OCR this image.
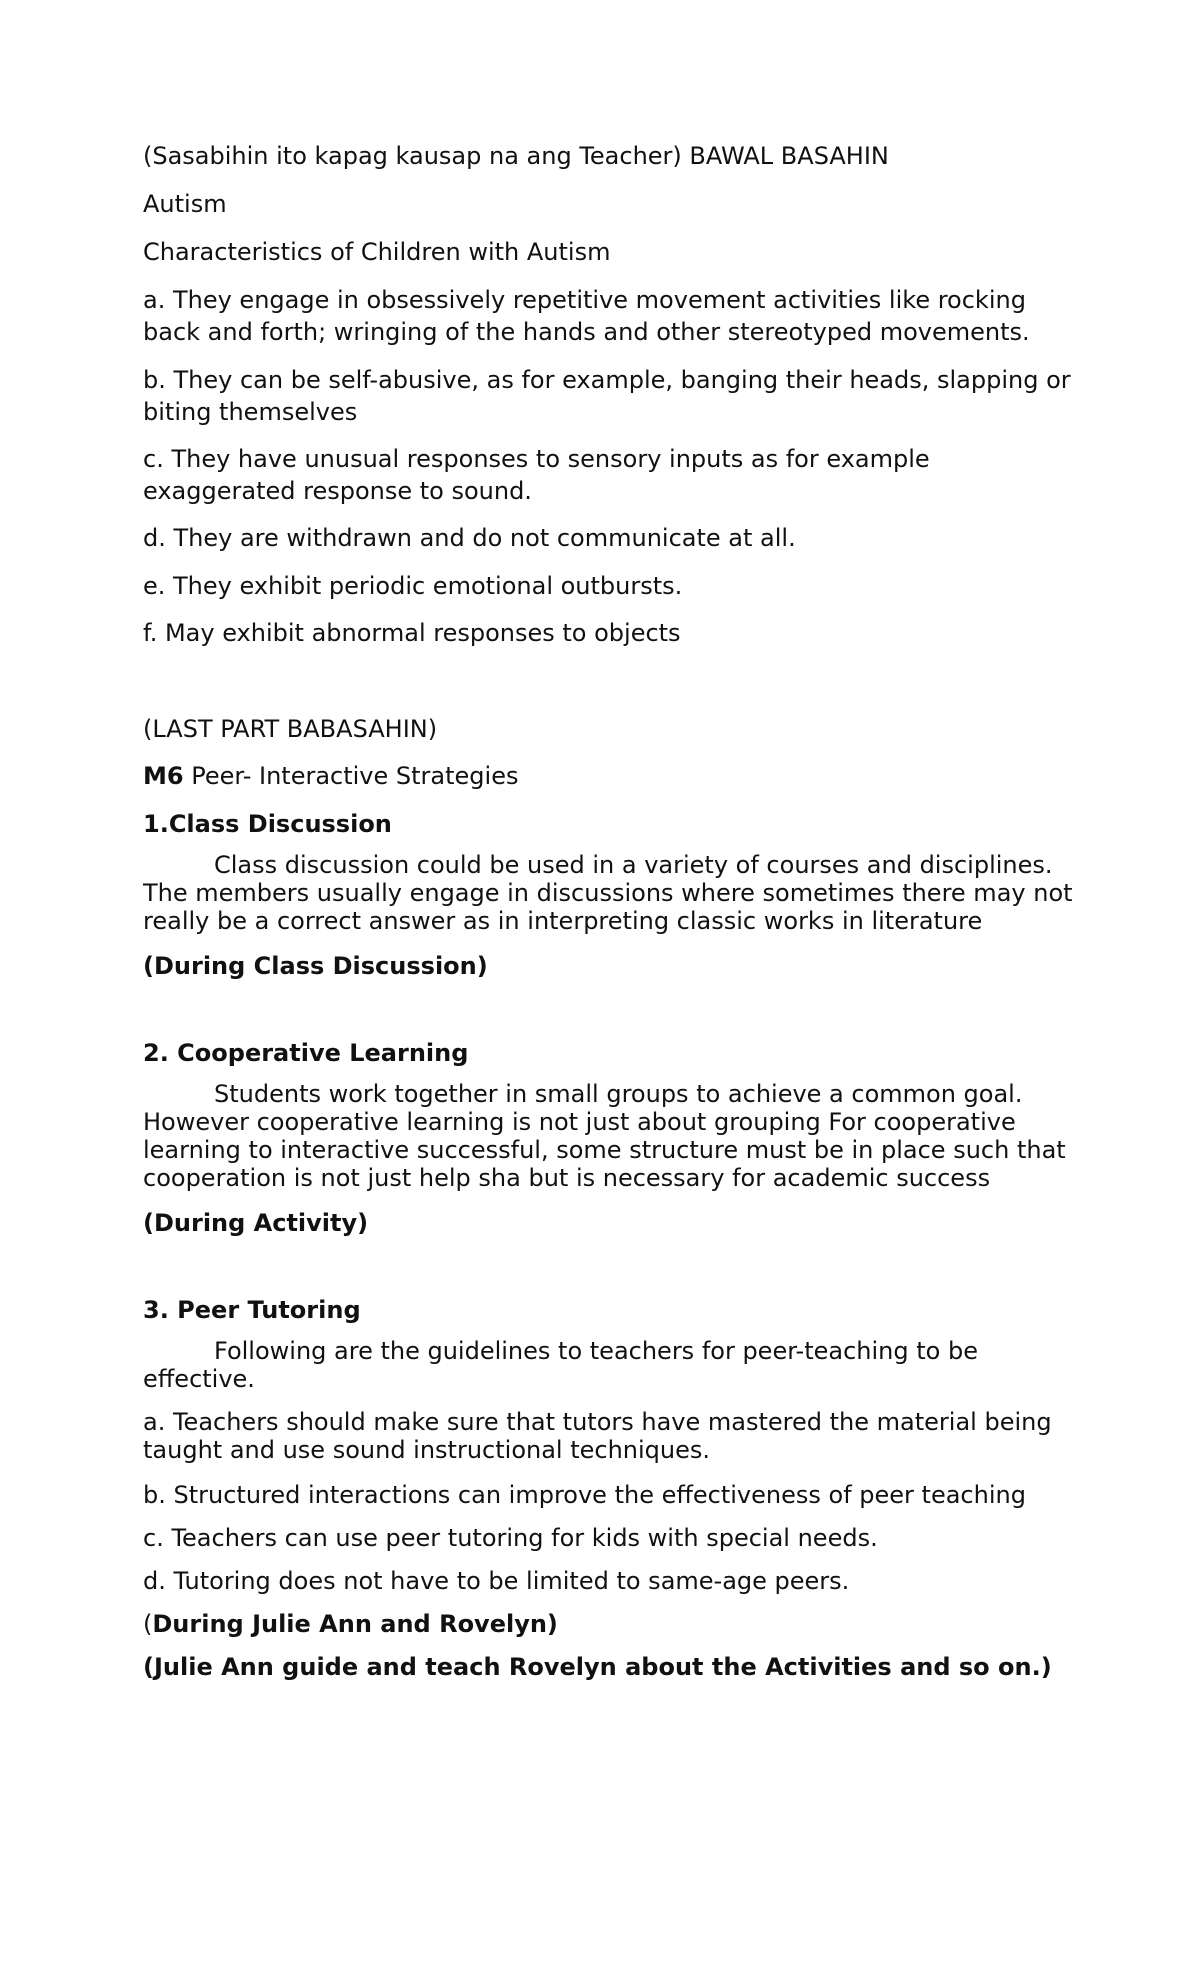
(Sasabihin ito kapag kausap na ang Teacher) BAWAL BASAHIN

Autism

Characteristics of Children with Autism

a. They engage in obsessively repetitive movement activities like rocking back and forth; wringing of the hands and other stereotyped movements.

b. They can be self-abusive, as for example, banging their heads, slapping or biting themselves

c. They have unusual responses to sensory inputs as for example exaggerated response to sound.

d. They are withdrawn and do not communicate at all.

e. They exhibit periodic emotional outbursts.

f. May exhibit abnormal responses to objects

(LAST PART BABASAHIN)

M6 Peer- Interactive Strategies

1.Class Discussion

Class discussion could be used in a variety of courses and disciplines. The members usually engage in discussions where sometimes there may not really be a correct answer as in interpreting classic works in literature

(During Class Discussion)

2. Cooperative Learning

Students work together in small groups to achieve a common goal. However cooperative learning is not just about grouping For cooperative learning to interactive successful, some structure must be in place such that cooperation is not just help sha but is necessary for academic success

(During Activity)

3. Peer Tutoring

Following are the guidelines to teachers for peer-teaching to be effective.

a. Teachers should make sure that tutors have mastered the material being taught and use sound instructional techniques.

b. Structured interactions can improve the effectiveness of peer teaching

c. Teachers can use peer tutoring for kids with special needs.

d. Tutoring does not have to be limited to same-age peers.

(During Julie Ann and Rovelyn)

(Julie Ann guide and teach Rovelyn about the Activities and so on.)
